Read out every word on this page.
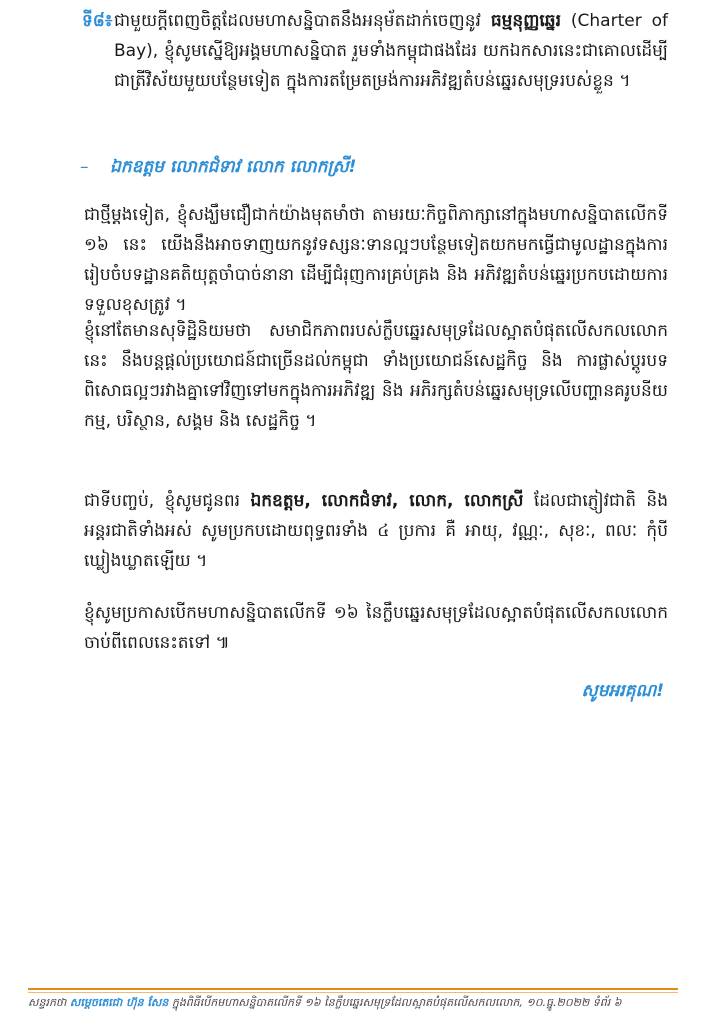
ទី៨៖ ជាមួយក្ដីពេញចិត្តដែលមហាសន្និបាតនឹងអនុម័តដាក់ចេញនូវ ធម្មនុញ្ញឆ្នេរ (Charter of Bay), ខ្ញុំសូមស្នើឱ្យអង្គមហាសន្និបាត រួមទាំងកម្ពុជាផងដែរ យកឯកសារនេះជាគោលដើម្បីជាត្រីវិស័យមួយបន្ថែមទៀត ក្នុងការតម្រែតម្រង់ការអភិវឌ្ឍតំបន់ឆ្នេរសមុទ្ររបស់ខ្លួន ។
– ឯកឧត្តម លោកជំទាវ លោក លោកស្រី!
ជាថ្មីម្ដងទៀត, ខ្ញុំសង្ឃឹមជឿជាក់យ៉ាងមុតមាំថា តាមរយៈកិច្ចពិភាក្សានៅក្នុងមហាសន្និបាតលើកទី ១៦ នេះ យើងនឹងអាចទាញយកនូវទស្សនៈទានល្អៗបន្ថែមទៀតយកមកធ្វើជាមូលដ្ឋានក្នុងការរៀបចំបទដ្ឋានគតិយុត្តចាំបាច់នានា ដើម្បីជំរុញការគ្រប់គ្រង និង អភិវឌ្ឍតំបន់ឆ្នេរប្រកបដោយការទទួលខុសត្រូវ ។
ខ្ញុំនៅតែមានសុទិដ្ឋិនិយមថា សមាជិកភាពរបស់ក្លឹបឆ្នេរសមុទ្រដែលស្អាតបំផុតលើសកលលោកនេះ នឹងបន្តផ្ដល់ប្រយោជន៍ជាច្រើនដល់កម្ពុជា ទាំងប្រយោជន៍សេដ្ឋកិច្ច និង ការផ្លាស់ប្ដូរបទពិសោធល្អៗរវាងគ្នាទៅវិញទៅមកក្នុងការអភិវឌ្ឍ និង អភិរក្សតំបន់ឆ្នេរសមុទ្រលើបញ្ហានគរូបនីយកម្ម, បរិស្ថាន, សង្គម និង សេដ្ឋកិច្ច ។
ជាទីបញ្ចប់, ខ្ញុំសូមជូនពរ ឯកឧត្តម, លោកជំទាវ, លោក, លោកស្រី ដែលជាភ្ញៀវជាតិ និង អន្តរជាតិទាំងអស់ សូមប្រកបដោយពុទ្ធពរទាំង ៤ ប្រការ គឺ អាយុ, វណ្ណៈ, សុខៈ, ពលៈ កុំបីឃ្លៀងឃ្លាតឡើយ ។
ខ្ញុំសូមប្រកាសបើកមហាសន្និបាតលើកទី ១៦ នៃក្លឹបឆ្នេរសមុទ្រដែលស្អាតបំផុតលើសកលលោក ចាប់ពីពេលនេះតទៅ ៕
សូមអរគុណ!
សន្ទរកថា សម្ដេចតេជោ ហ៊ុន សែន ក្នុងពិធីបើកមហាសន្និបាតលើកទី ១៦ នៃក្លឹបឆ្នេរសមុទ្រដែលស្អាតបំផុតលើសកលលោក, ១០.ធ្នូ.២០២២ ទំព័រ ៦
